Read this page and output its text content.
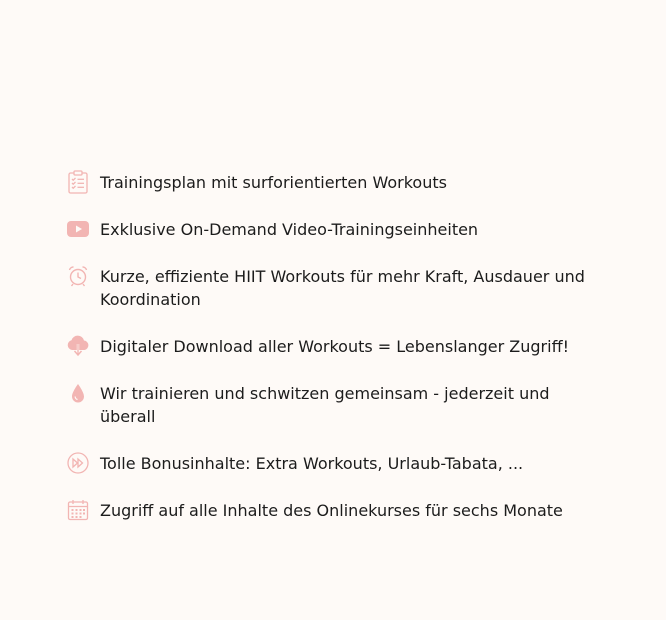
Trainingsplan mit surforientierten Workouts
Exklusive On-Demand Video-Trainingseinheiten
Kurze, effiziente HIIT Workouts für mehr Kraft, Ausdauer und Koordination
Digitaler Download aller Workouts = Lebenslanger Zugriff!
Wir trainieren und schwitzen gemeinsam - jederzeit und überall
Tolle Bonusinhalte: Extra Workouts, Urlaub-Tabata, ...
Zugriff auf alle Inhalte des Onlinekurses für sechs Monate
